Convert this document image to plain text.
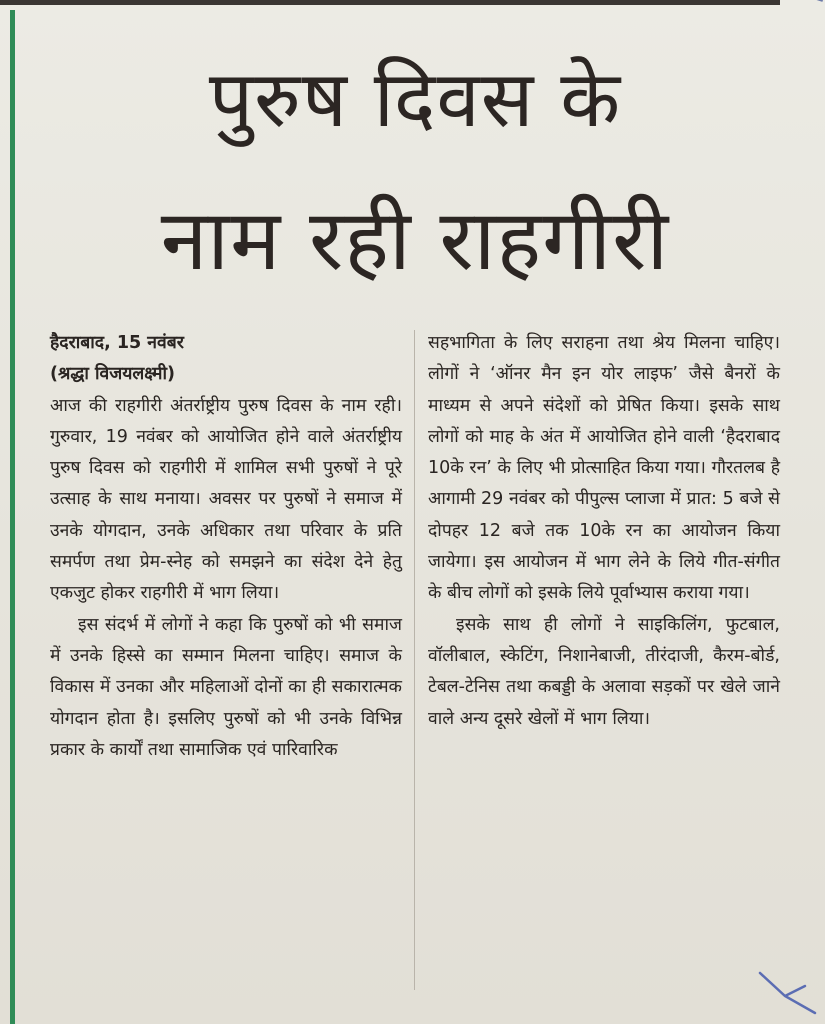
पुरुष दिवस के
नाम रही राहगीरी

हैदराबाद, 15 नवंबर

(श्रद्धा विजयलक्ष्मी)

आज की राहगीरी अंतर्राष्ट्रीय पुरुष दिवस के नाम रही। गुरुवार, 19 नवंबर को आयोजित होने वाले अंतर्राष्ट्रीय पुरुष दिवस को राहगीरी में शामिल सभी पुरुषों ने पूरे उत्साह के साथ मनाया। अवसर पर पुरुषों ने समाज में उनके योगदान, उनके अधिकार तथा परिवार के प्रति समर्पण तथा प्रेम-स्नेह को समझने का संदेश देने हेतु एकजुट होकर राहगीरी में भाग लिया।

इस संदर्भ में लोगों ने कहा कि पुरुषों को भी समाज में उनके हिस्से का सम्मान मिलना चाहिए। समाज के विकास में उनका और महिलाओं दोनों का ही सकारात्मक योगदान होता है। इसलिए पुरुषों को भी उनके विभिन्न प्रकार के कार्यों तथा सामाजिक एवं पारिवारिक

सहभागिता के लिए सराहना तथा श्रेय मिलना चाहिए। लोगों ने ‘ऑनर मैन इन योर लाइफ’ जैसे बैनरों के माध्यम से अपने संदेशों को प्रेषित किया। इसके साथ लोगों को माह के अंत में आयोजित होने वाली ‘हैदराबाद 10के रन’ के लिए भी प्रोत्साहित किया गया। गौरतलब है आगामी 29 नवंबर को पीपुल्स प्लाजा में प्रात: 5 बजे से दोपहर 12 बजे तक 10के रन का आयोजन किया जायेगा। इस आयोजन में भाग लेने के लिये गीत-संगीत के बीच लोगों को इसके लिये पूर्वाभ्यास कराया गया।

इसके साथ ही लोगों ने साइकिलिंग, फुटबाल, वॉलीबाल, स्केटिंग, निशानेबाजी, तीरंदाजी, कैरम-बोर्ड, टेबल-टेनिस तथा कबड्डी के अलावा सड़कों पर खेले जाने वाले अन्य दूसरे खेलों में भाग लिया।
